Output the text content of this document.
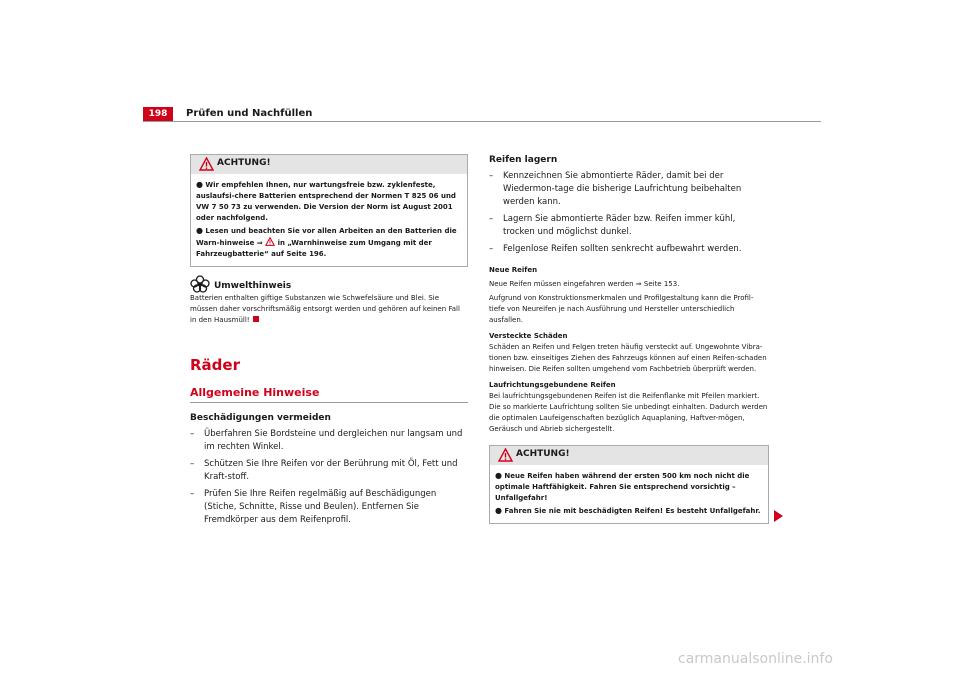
198	Prüfen und Nachfüllen
ACHTUNG!
● Wir empfehlen Ihnen, nur wartungsfreie bzw. zyklenfeste, auslaufsi-chere Batterien entsprechend der Normen T 825 06 und VW 7 50 73 zu verwenden. Die Version der Norm ist August 2001 oder nachfolgend.
● Lesen und beachten Sie vor allen Arbeiten an den Batterien die Warn-hinweise ⇒ in „Warnhinweise zum Umgang mit der Fahrzeugbatterie“ auf Seite 196.
Umwelthinweis
Batterien enthalten giftige Substanzen wie Schwefelsäure und Blei. Sie müssen daher vorschriftsmäßig entsorgt werden und gehören auf keinen Fall in den Hausmüll!
Räder
Allgemeine Hinweise
Beschädigungen vermeiden
– Überfahren Sie Bordsteine und dergleichen nur langsam und im rechten Winkel.
– Schützen Sie Ihre Reifen vor der Berührung mit Öl, Fett und Kraft-stoff.
– Prüfen Sie Ihre Reifen regelmäßig auf Beschädigungen (Stiche, Schnitte, Risse und Beulen). Entfernen Sie Fremdkörper aus dem Reifenprofil.
Reifen lagern
– Kennzeichnen Sie abmontierte Räder, damit bei der Wiedermon-tage die bisherige Laufrichtung beibehalten werden kann.
– Lagern Sie abmontierte Räder bzw. Reifen immer kühl, trocken und möglichst dunkel.
– Felgenlose Reifen sollten senkrecht aufbewahrt werden.
Neue Reifen
Neue Reifen müssen eingefahren werden ⇒ Seite 153.
Aufgrund von Konstruktionsmerkmalen und Profilgestaltung kann die Profil-tiefe von Neureifen je nach Ausführung und Hersteller unterschiedlich ausfallen.
Versteckte Schäden
Schäden an Reifen und Felgen treten häufig versteckt auf. Ungewohnte Vibra-tionen bzw. einseitiges Ziehen des Fahrzeugs können auf einen Reifen-schaden hinweisen. Die Reifen sollten umgehend vom Fachbetrieb überprüft werden.
Laufrichtungsgebundene Reifen
Bei laufrichtungsgebundenen Reifen ist die Reifenflanke mit Pfeilen markiert. Die so markierte Laufrichtung sollten Sie unbedingt einhalten. Dadurch werden die optimalen Laufeigenschaften bezüglich Aquaplaning, Haftver-mögen, Geräusch und Abrieb sichergestellt.
ACHTUNG!
● Neue Reifen haben während der ersten 500 km noch nicht die optimale Haftfähigkeit. Fahren Sie entsprechend vorsichtig – Unfallgefahr!
● Fahren Sie nie mit beschädigten Reifen! Es besteht Unfallgefahr.
carmanualsonline.info
